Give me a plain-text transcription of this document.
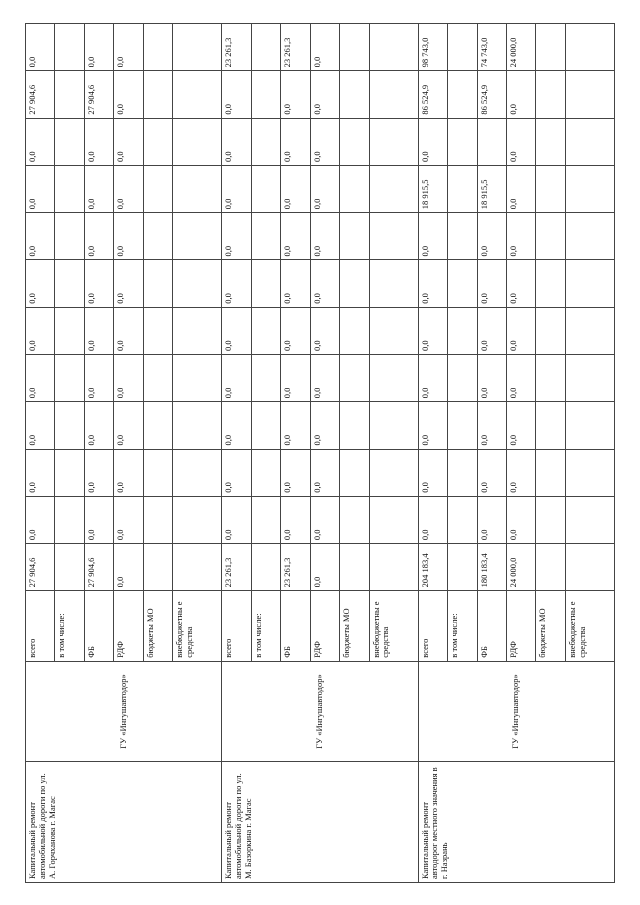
Капитальный ремонт автомобильной дороги по ул. А. Горчханова г. Магас	ГУ «Ингушавтодор»	всего	27 904,6	0,0	0,0	0,0	0,0	0,0	0,0	0,0	0,0	0,0	27 904,6	0,0
		в том числе:												
		ФБ	27 904,6	0,0	0,0	0,0	0,0	0,0	0,0	0,0	0,0	0,0	27 904,6	0,0
		РДФ	0,0	0,0	0,0	0,0	0,0	0,0	0,0	0,0	0,0	0,0	0,0	0,0
		бюджеты МО												
		внебюджетны е средства												
Капитальный ремонт автомобильной дороги по ул. М. Базоркина г. Магас	ГУ «Ингушавтодор»	всего	23 261,3	0,0	0,0	0,0	0,0	0,0	0,0	0,0	0,0	0,0	0,0	23 261,3
		в том числе:												
		ФБ	23 261,3	0,0	0,0	0,0	0,0	0,0	0,0	0,0	0,0	0,0	0,0	23 261,3
		РДФ	0,0	0,0	0,0	0,0	0,0	0,0	0,0	0,0	0,0	0,0	0,0	0,0
		бюджеты МО												
		внебюджетны е средства												
Капитальный ремонт автодорог местного значения в г. Назрань	ГУ «Ингушавтодор»	всего	204 183,4	0,0	0,0	0,0	0,0	0,0	0,0	0,0	18 915,5	0,0	86 524,9	98 743,0
		в том числе:												
		ФБ	180 183,4	0,0	0,0	0,0	0,0	0,0	0,0	0,0	18 915,5		86 524,9	74 743,0
		РДФ	24 000,0	0,0	0,0	0,0	0,0	0,0	0,0	0,0	0,0	0,0	0,0	24 000,0
		бюджеты МО												
		внебюджетны е средства												
